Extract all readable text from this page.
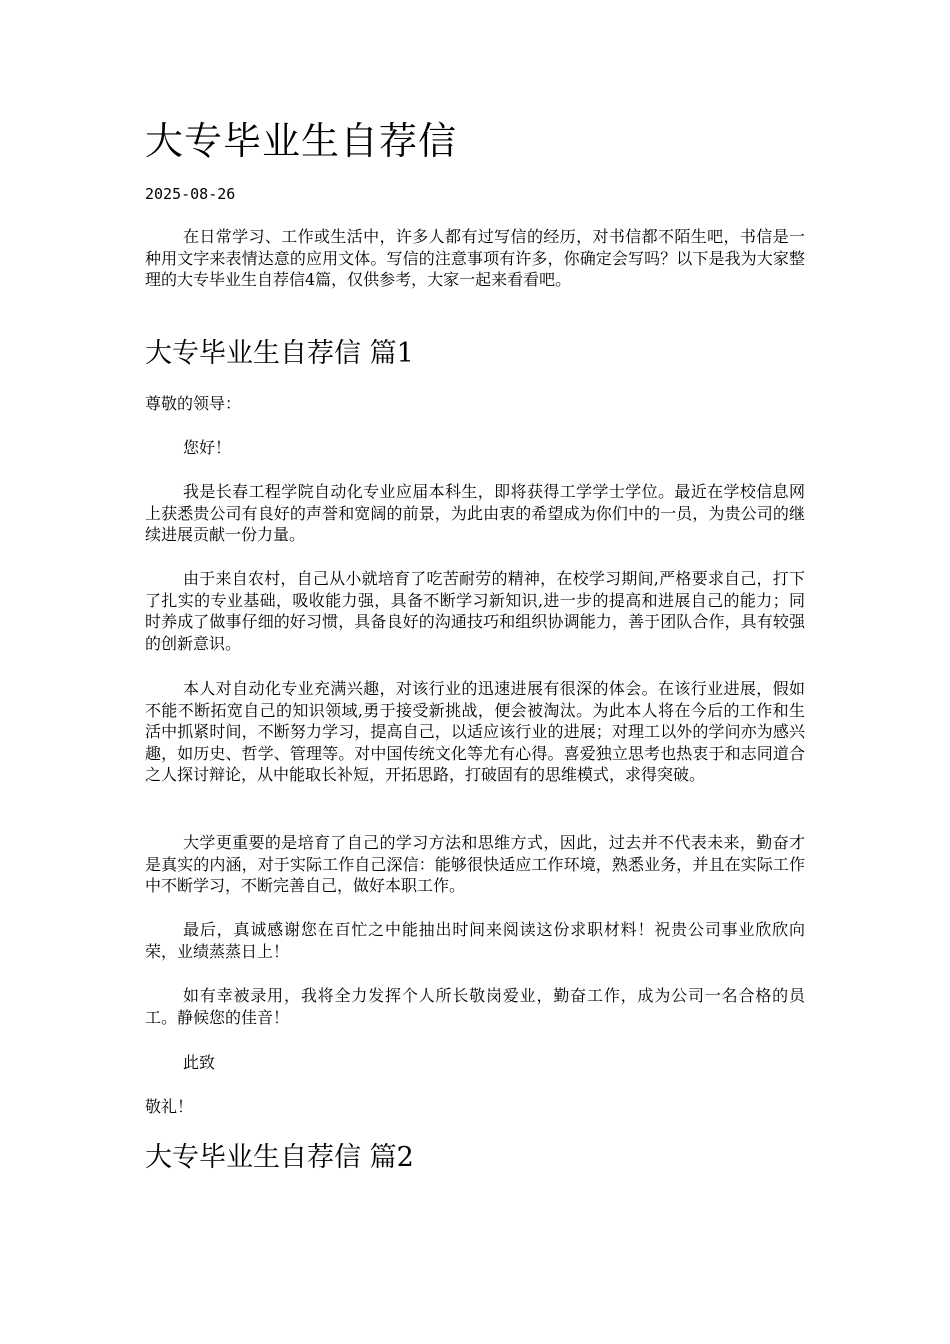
大专毕业生自荐信
2025-08-26

在日常学习、工作或生活中，许多人都有过写信的经历，对书信都不陌生吧，书信是一种用文字来表情达意的应用文体。写信的注意事项有许多，你确定会写吗？以下是我为大家整理的大专毕业生自荐信4篇，仅供参考，大家一起来看看吧。

大专毕业生自荐信 篇1

尊敬的领导：

您好！

我是长春工程学院自动化专业应届本科生，即将获得工学学士学位。最近在学校信息网上获悉贵公司有良好的声誉和宽阔的前景，为此由衷的希望成为你们中的一员，为贵公司的继续进展贡献一份力量。

由于来自农村，自己从小就培育了吃苦耐劳的精神，在校学习期间,严格要求自己，打下了扎实的专业基础，吸收能力强，具备不断学习新知识,进一步的提高和进展自己的能力；同时养成了做事仔细的好习惯，具备良好的沟通技巧和组织协调能力，善于团队合作，具有较强的创新意识。

本人对自动化专业充满兴趣，对该行业的迅速进展有很深的体会。在该行业进展，假如不能不断拓宽自己的知识领域,勇于接受新挑战，便会被淘汰。为此本人将在今后的工作和生活中抓紧时间，不断努力学习，提高自己，以适应该行业的进展；对理工以外的学问亦为感兴趣，如历史、哲学、管理等。对中国传统文化等尤有心得。喜爱独立思考也热衷于和志同道合之人探讨辩论，从中能取长补短，开拓思路，打破固有的思维模式，求得突破。

大学更重要的是培育了自己的学习方法和思维方式，因此，过去并不代表未来，勤奋才是真实的内涵，对于实际工作自己深信：能够很快适应工作环境，熟悉业务，并且在实际工作中不断学习，不断完善自己，做好本职工作。

最后，真诚感谢您在百忙之中能抽出时间来阅读这份求职材料！祝贵公司事业欣欣向荣，业绩蒸蒸日上！

如有幸被录用，我将全力发挥个人所长敬岗爱业，勤奋工作，成为公司一名合格的员工。静候您的佳音！

此致

敬礼！

大专毕业生自荐信 篇2
